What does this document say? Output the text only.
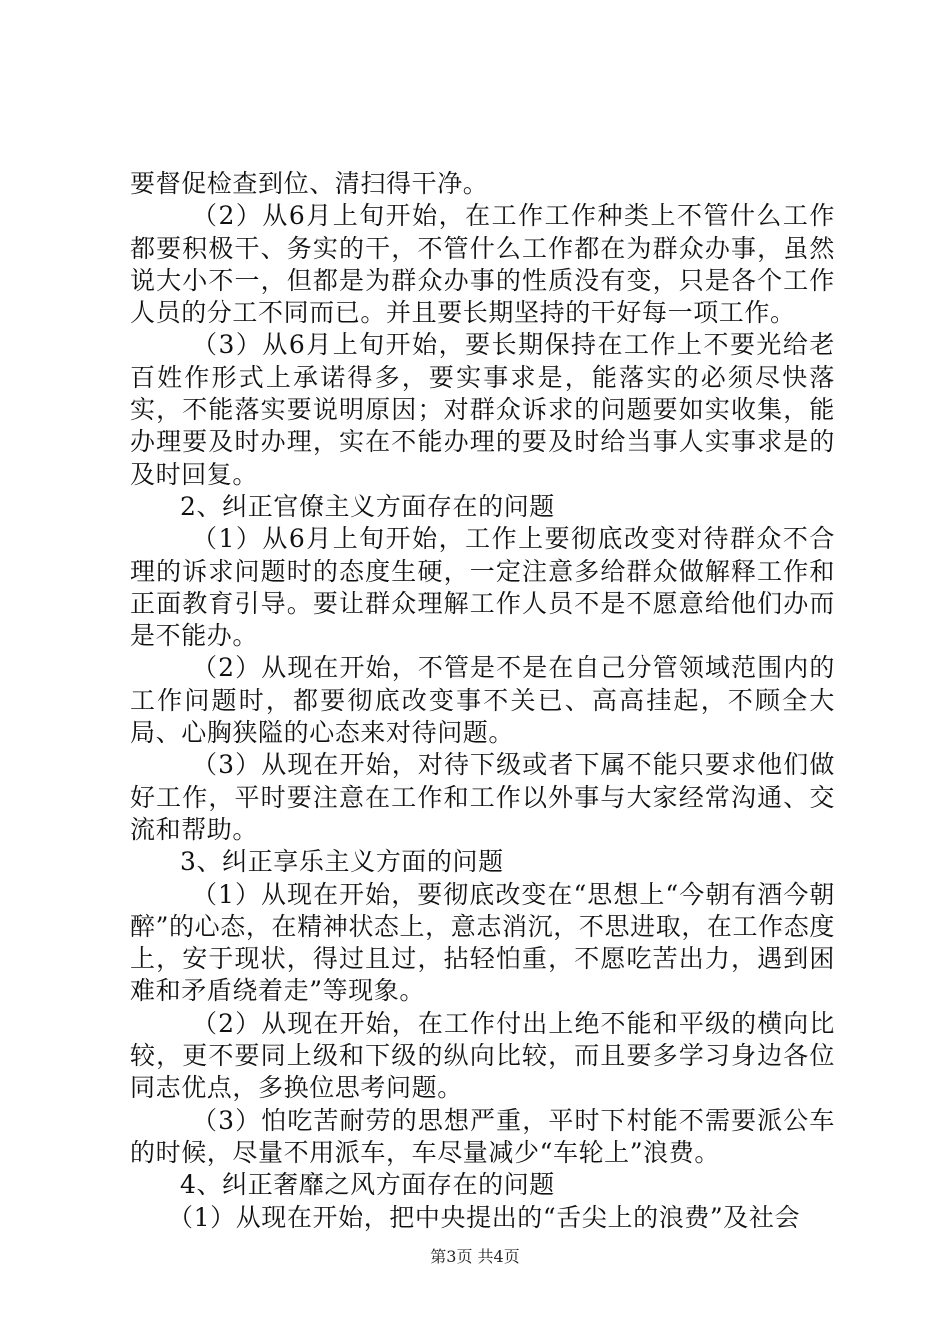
要督促检查到位、清扫得干净。

（2）从6月上旬开始，在工作工作种类上不管什么工作都要积极干、务实的干，不管什么工作都在为群众办事，虽然说大小不一，但都是为群众办事的性质没有变，只是各个工作人员的分工不同而已。并且要长期坚持的干好每一项工作。

（3）从6月上旬开始，要长期保持在工作上不要光给老百姓作形式上承诺得多，要实事求是，能落实的必须尽快落实，不能落实要说明原因；对群众诉求的问题要如实收集，能办理要及时办理，实在不能办理的要及时给当事人实事求是的及时回复。

2、纠正官僚主义方面存在的问题

（1）从6月上旬开始，工作上要彻底改变对待群众不合理的诉求问题时的态度生硬，一定注意多给群众做解释工作和正面教育引导。要让群众理解工作人员不是不愿意给他们办而是不能办。

（2）从现在开始，不管是不是在自己分管领域范围内的工作问题时，都要彻底改变事不关已、高高挂起，不顾全大局、心胸狭隘的心态来对待问题。

（3）从现在开始，对待下级或者下属不能只要求他们做好工作，平时要注意在工作和工作以外事与大家经常沟通、交流和帮助。

3、纠正享乐主义方面的问题

（1）从现在开始，要彻底改变在“思想上“今朝有酒今朝醉”的心态，在精神状态上，意志消沉，不思进取，在工作态度上，安于现状，得过且过，拈轻怕重，不愿吃苦出力，遇到困难和矛盾绕着走”等现象。

（2）从现在开始，在工作付出上绝不能和平级的横向比较，更不要同上级和下级的纵向比较，而且要多学习身边各位同志优点，多换位思考问题。

（3）怕吃苦耐劳的思想严重，平时下村能不需要派公车的时候，尽量不用派车，车尽量减少“车轮上”浪费。

4、纠正奢靡之风方面存在的问题

（1）从现在开始，把中央提出的“舌尖上的浪费”及社会

第3页 共4页
